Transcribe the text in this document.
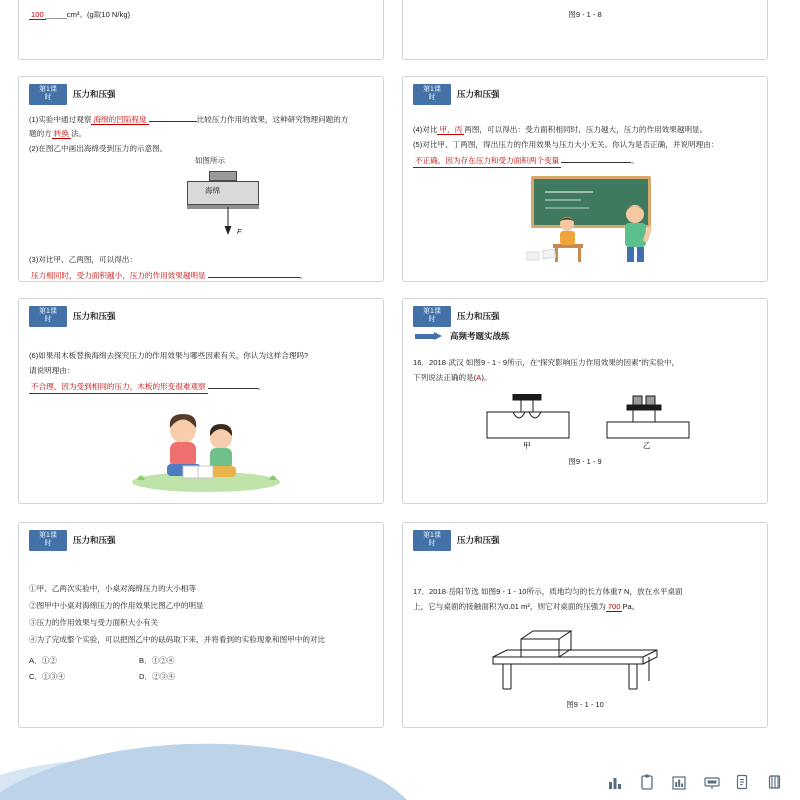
100 _____cm³。(g取10 N/kg)	图9 - 1 - 8
第1课
时	压力和压强

(1)实验中通过观察 海绵的凹陷程度	比较压力作用的效果，这种研究物理问题的方

题的方 转换 法。

(2)在图乙中画出海绵受到压力的示意图。

如图所示
海绵
F

(3)对比甲、乙两图，可以得出：

压力相同时，受力面积越小，压力的作用效果越明显	。

第1课
时	压力和压强

(4)对比 甲、丙 两图，可以得出：受力面积相同时，压力越大，压力的作用效果越明显。

(5)对比甲、丁两图，得出压力的作用效果与压力大小无关。你认为是否正确，并说明理由：

不正确，因为存在压力和受力面积两个变量	。

第1课
时	压力和压强

(6)如果用木板替换海绵去探究压力的作用效果与哪些因素有关，你认为这样合理吗?

请说明理由：

不合理，因为受到相同的压力，木板的形变很难观察	。

第1课
时	压力和压强
高频考题实战练

16．2018·武汉 如图9 - 1 - 9所示，在“探究影响压力作用效果的因素”的实验中，

下列说法正确的是(A)。

甲	乙
图9 - 1 - 9
第1课
时	压力和压强

①甲、乙两次实验中，小桌对海绵压力的大小相等

②图甲中小桌对海绵压力的作用效果比图乙中的明显

③压力的作用效果与受力面积大小有关

④为了完成整个实验，可以把图乙中的砝码取下来，并将看到的实验现象和图甲中的对比

A．①②	B．①②④
C．①③④	D．②③④
第1课
时	压力和压强

17．2018·岳阳节选 如图9 - 1 - 10所示，质地均匀的长方体重7 N，放在水平桌面

上，它与桌面的接触面积为0.01 m²，则它对桌面的压强为 700 Pa。

图9 - 1 - 10
